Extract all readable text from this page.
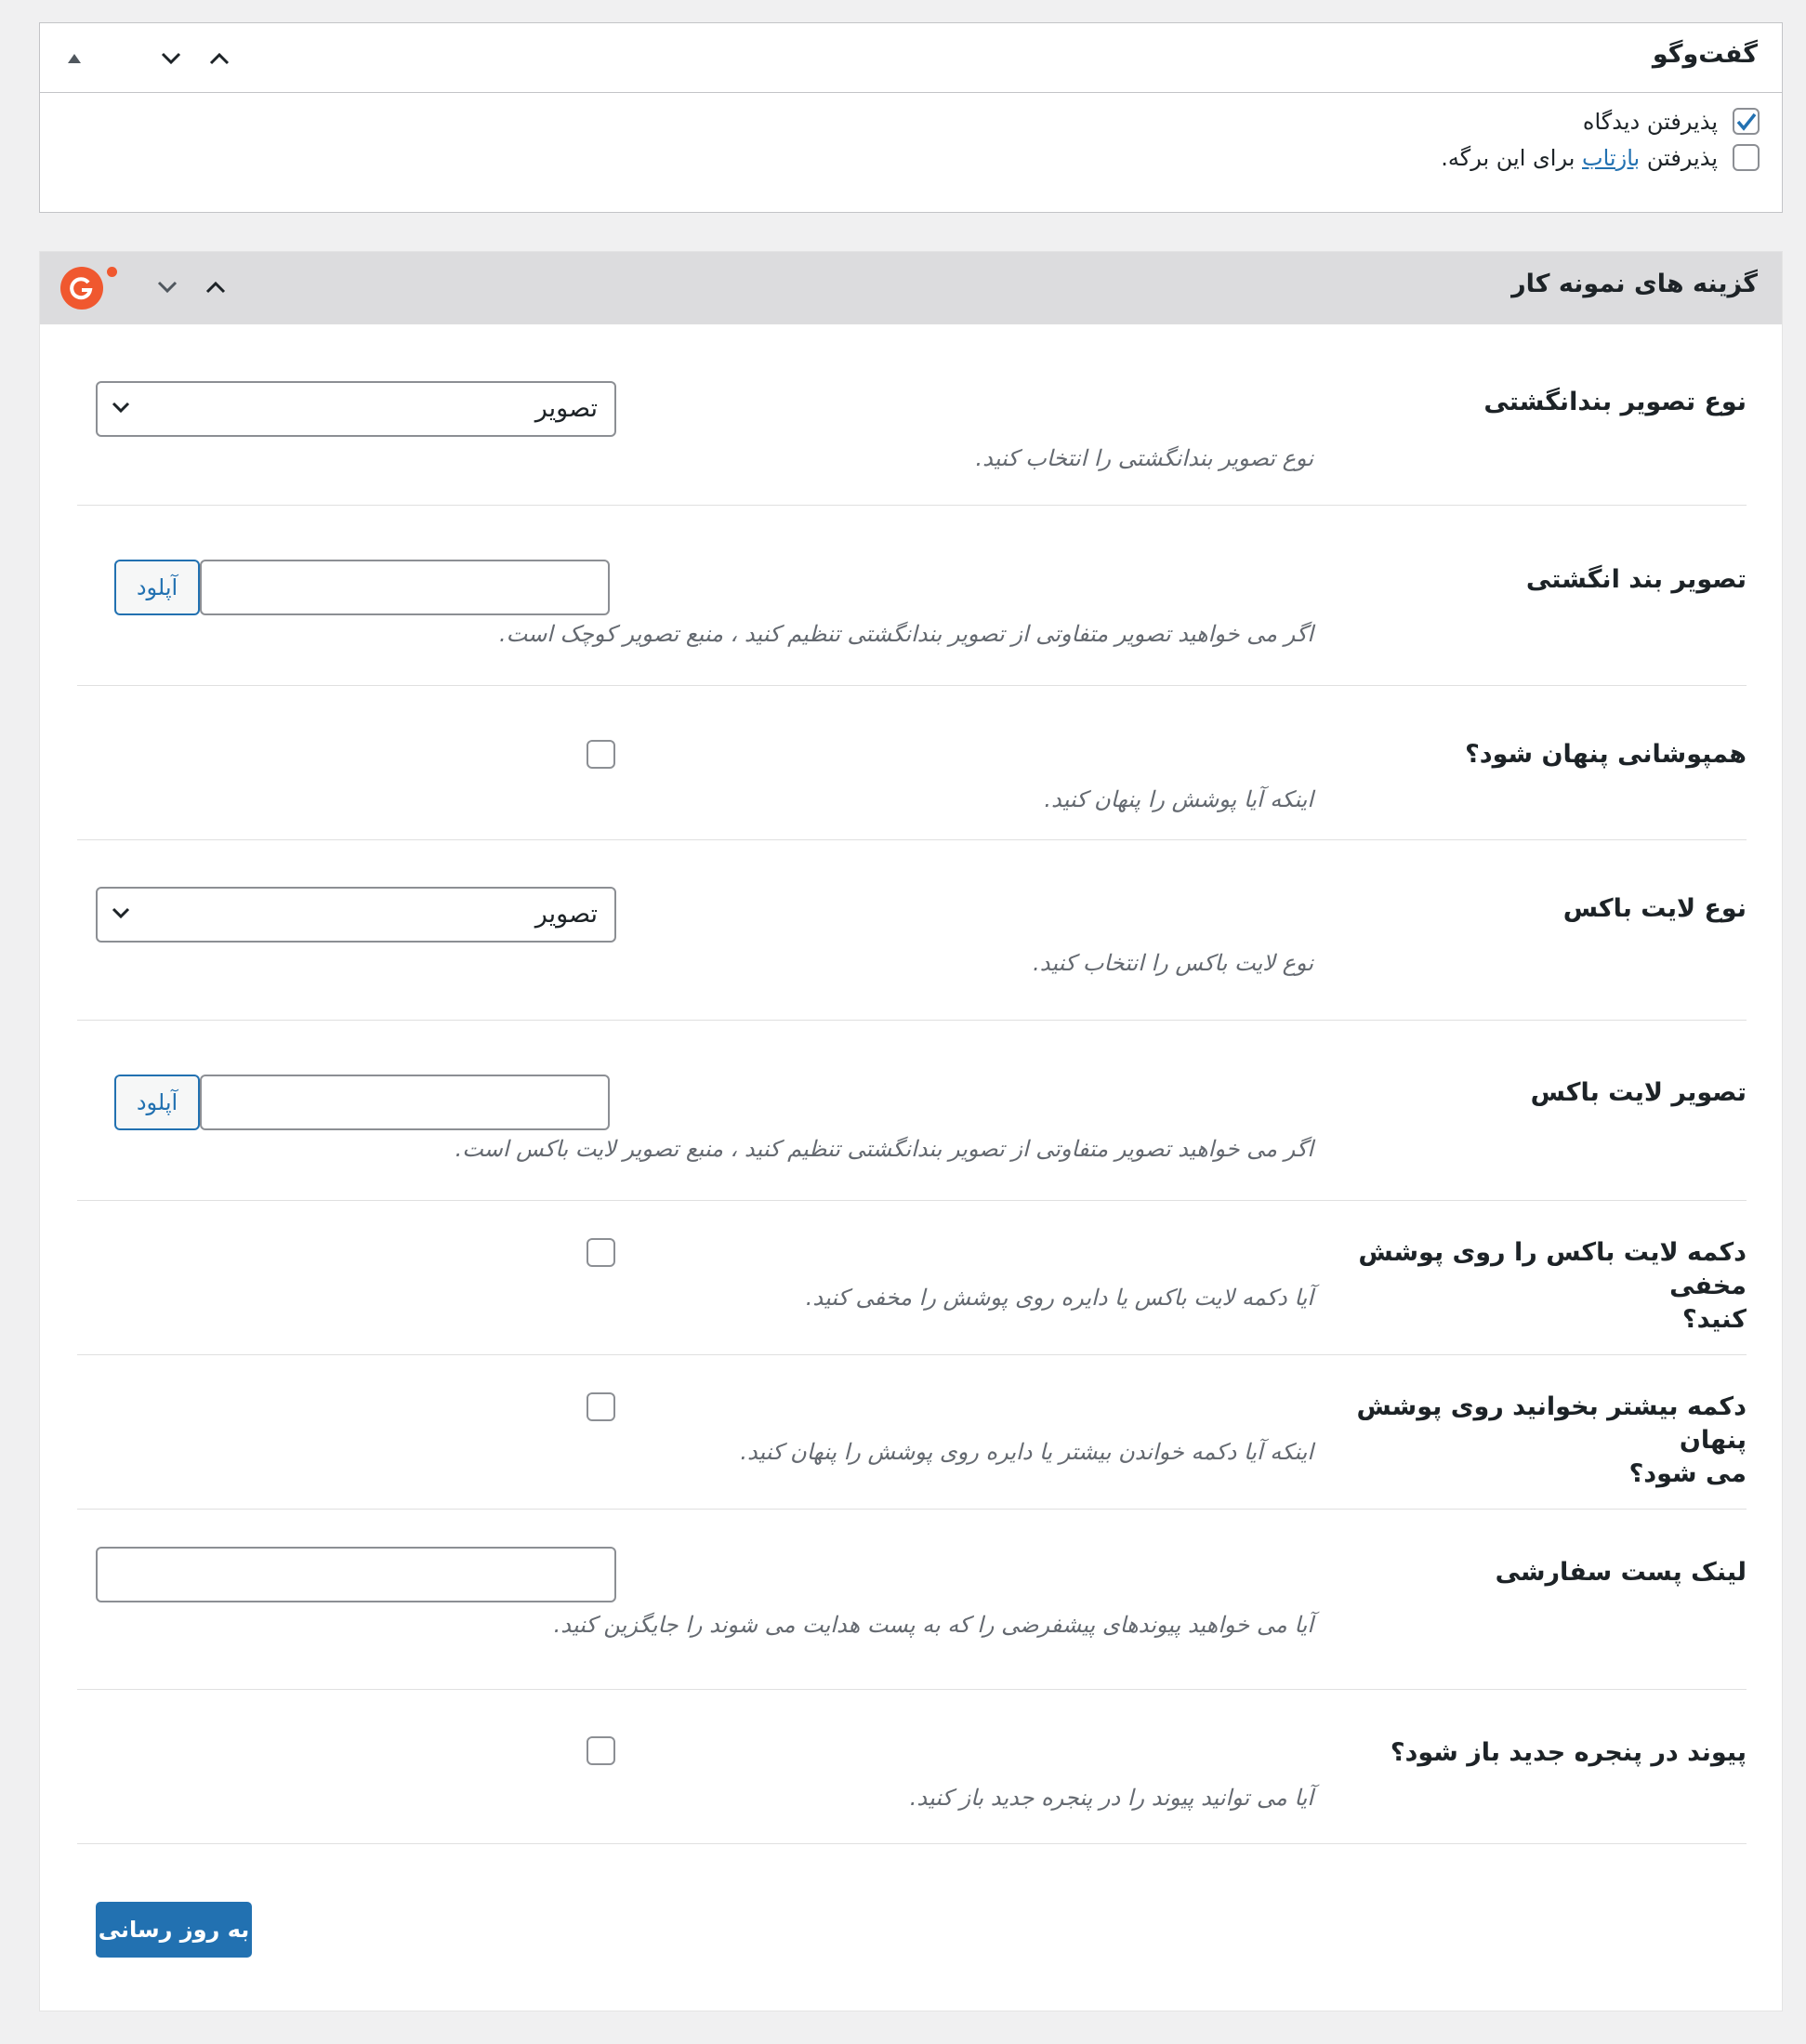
گفت‌وگو
پذیرفتن دیدگاه
پذیرفتن بازتاب برای این برگه.
گزینه های نمونه کار
نوع تصویر بندانگشتی
تصویر
نوع تصویر بندانگشتی را انتخاب کنید.
تصویر بند انگشتی
آپلود
اگر می خواهید تصویر متفاوتی از تصویر بندانگشتی تنظیم کنید ، منبع تصویر کوچک است.
همپوشانی پنهان شود؟
اینکه آیا پوشش را پنهان کنید.
نوع لایت باکس
تصویر
نوع لایت باکس را انتخاب کنید.
تصویر لایت باکس
آپلود
اگر می خواهید تصویر متفاوتی از تصویر بندانگشتی تنظیم کنید ، منبع تصویر لایت باکس است.
دکمه لایت باکس را روی پوشش مخفی
کنید؟
آیا دکمه لایت باکس یا دایره روی پوشش را مخفی کنید.
دکمه بیشتر بخوانید روی پوشش پنهان
می شود؟
اینکه آیا دکمه خواندن بیشتر یا دایره روی پوشش را پنهان کنید.
لینک پست سفارشی
آیا می خواهید پیوندهای پیشفرضی را که به پست هدایت می شوند را جایگزین کنید.
پیوند در پنجره جدید باز شود؟
آیا می توانید پیوند را در پنجره جدید باز کنید.
به روز رسانی
